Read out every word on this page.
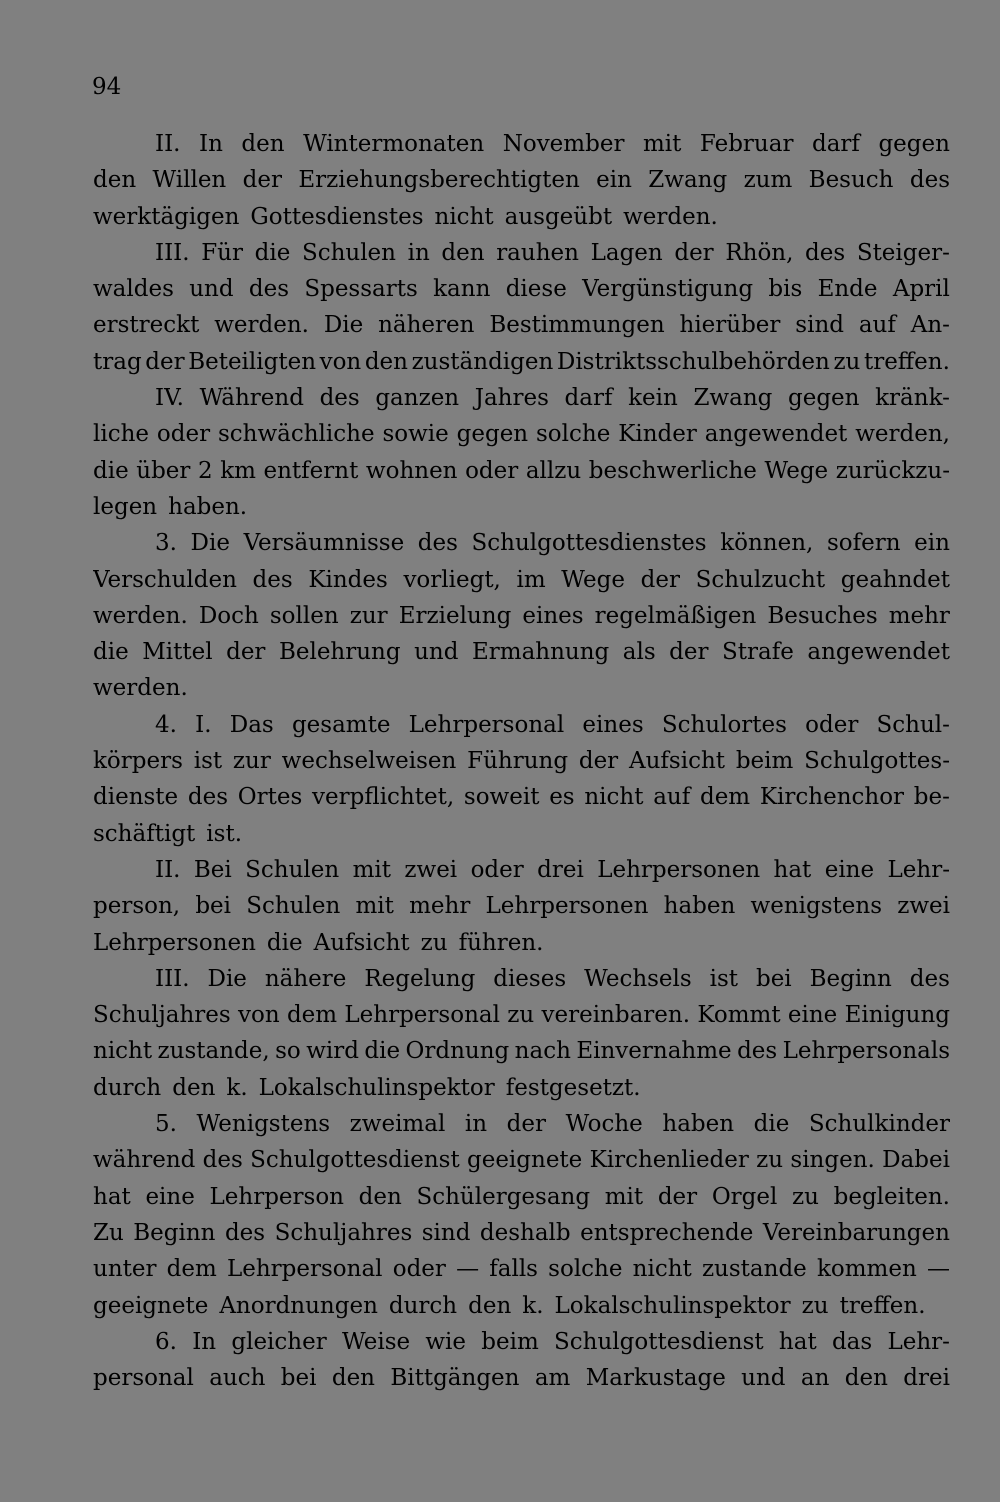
94
II. In den Wintermonaten November mit Februar darf gegen
den Willen der Erziehungsberechtigten ein Zwang zum Besuch des
werktägigen Gottesdienstes nicht ausgeübt werden.
III. Für die Schulen in den rauhen Lagen der Rhön, des Steiger-
waldes und des Spessarts kann diese Vergünstigung bis Ende April
erstreckt werden. Die näheren Bestimmungen hierüber sind auf An-
trag der Beteiligten von den zuständigen Distriktsschulbehörden zu treffen.
IV. Während des ganzen Jahres darf kein Zwang gegen kränk-
liche oder schwächliche sowie gegen solche Kinder angewendet werden,
die über 2 km entfernt wohnen oder allzu beschwerliche Wege zurückzu-
legen haben.
3. Die Versäumnisse des Schulgottesdienstes können, sofern ein
Verschulden des Kindes vorliegt, im Wege der Schulzucht geahndet
werden. Doch sollen zur Erzielung eines regelmäßigen Besuches mehr
die Mittel der Belehrung und Ermahnung als der Strafe angewendet
werden.
4. I. Das gesamte Lehrpersonal eines Schulortes oder Schul-
körpers ist zur wechselweisen Führung der Aufsicht beim Schulgottes-
dienste des Ortes verpflichtet, soweit es nicht auf dem Kirchenchor be-
schäftigt ist.
II. Bei Schulen mit zwei oder drei Lehrpersonen hat eine Lehr-
person, bei Schulen mit mehr Lehrpersonen haben wenigstens zwei
Lehrpersonen die Aufsicht zu führen.
III. Die nähere Regelung dieses Wechsels ist bei Beginn des
Schuljahres von dem Lehrpersonal zu vereinbaren. Kommt eine Einigung
nicht zustande, so wird die Ordnung nach Einvernahme des Lehrpersonals
durch den k. Lokalschulinspektor festgesetzt.
5. Wenigstens zweimal in der Woche haben die Schulkinder
während des Schulgottesdienst geeignete Kirchenlieder zu singen. Dabei
hat eine Lehrperson den Schülergesang mit der Orgel zu begleiten.
Zu Beginn des Schuljahres sind deshalb entsprechende Vereinbarungen
unter dem Lehrpersonal oder — falls solche nicht zustande kommen —
geeignete Anordnungen durch den k. Lokalschulinspektor zu treffen.
6. In gleicher Weise wie beim Schulgottesdienst hat das Lehr-
personal auch bei den Bittgängen am Markustage und an den drei
